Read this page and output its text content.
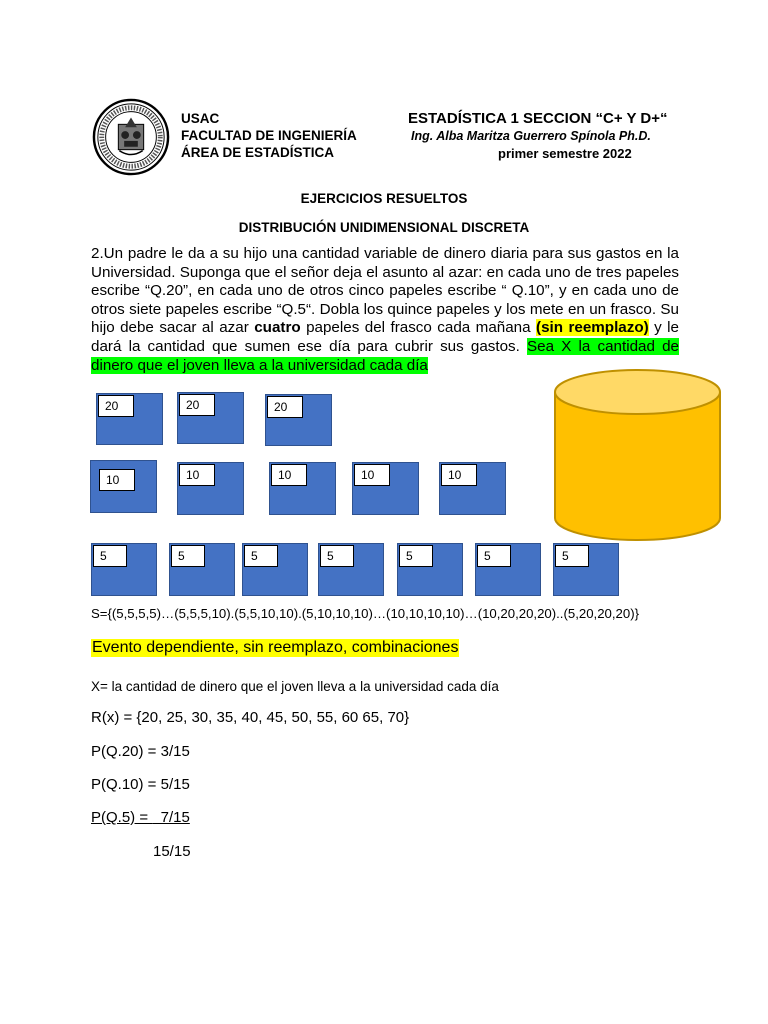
USAC
FACULTAD DE INGENIERÍA
ÁREA DE ESTADÍSTICA
ESTADÍSTICA 1 SECCION “C+ Y D+“
Ing. Alba Maritza Guerrero Spínola Ph.D.
primer semestre 2022
EJERCICIOS RESUELTOS
DISTRIBUCIÓN UNIDIMENSIONAL DISCRETA
2.Un padre le da a su hijo una cantidad variable de dinero diaria para sus gastos en la Universidad. Suponga que el señor deja el asunto al azar: en cada uno de tres papeles escribe “Q.20”, en cada uno de otros cinco papeles escribe “ Q.10”, y en cada uno de otros siete papeles escribe “Q.5“. Dobla los quince papeles y los mete en un frasco. Su hijo debe sacar al azar cuatro papeles del frasco cada mañana (sin reemplazo) y le dará la cantidad que sumen ese día para cubrir sus gastos. Sea X la cantidad de dinero que el joven lleva a la universidad cada día
20	20	20
10	10	10	10	10
5	5	5	5	5	5	5
S={(5,5,5,5)…(5,5,5,10).(5,5,10,10).(5,10,10,10)…(10,10,10,10)…(10,20,20,20)..(5,20,20,20)}
Evento dependiente, sin reemplazo, combinaciones
X= la cantidad de dinero que el joven lleva a la universidad cada día
R(x) = {20, 25, 30, 35, 40, 45, 50, 55, 60 65, 70}
P(Q.20) = 3/15
P(Q.10) = 5/15
P(Q.5) =   7/15
15/15
